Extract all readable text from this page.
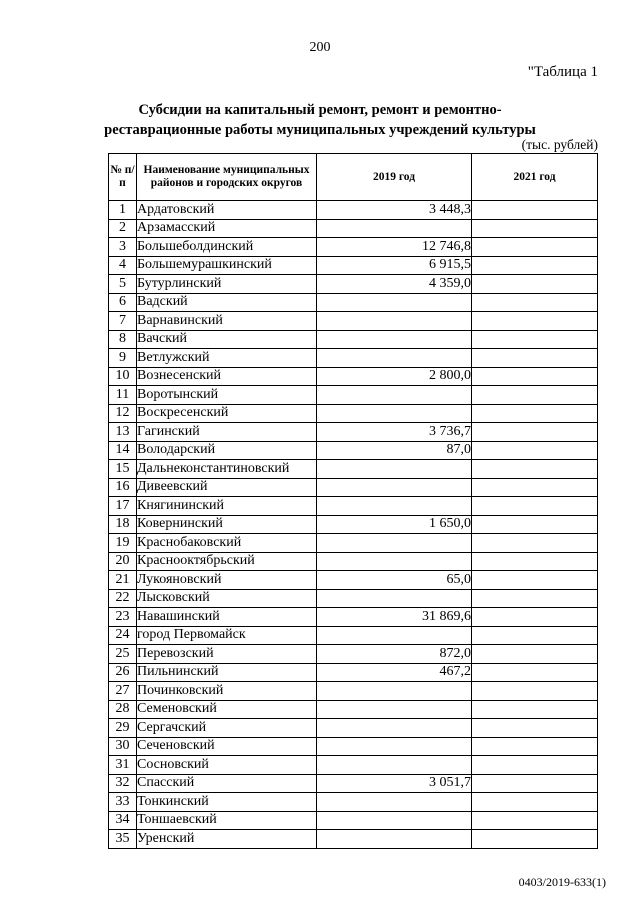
200
"Таблица 1
Субсидии на капитальный ремонт, ремонт и ремонтно-
реставрационные работы муниципальных учреждений культуры
(тыс. рублей)
№ п/п	Наименование муниципальных районов и городских округов	2019 год	2021 год
1	Ардатовский	3 448,3	
2	Арзамасский		
3	Большеболдинский	12 746,8	
4	Большемурашкинский	6 915,5	
5	Бутурлинский	4 359,0	
6	Вадский		
7	Варнавинский		
8	Вачский		
9	Ветлужский		
10	Вознесенский	2 800,0	
11	Воротынский		
12	Воскресенский		
13	Гагинский	3 736,7	
14	Володарский	87,0	
15	Дальнеконстантиновский		
16	Дивеевский		
17	Княгининский		
18	Ковернинский	1 650,0	
19	Краснобаковский		
20	Краснооктябрьский		
21	Лукояновский	65,0	
22	Лысковский		
23	Навашинский	31 869,6	
24	город Первомайск		
25	Перевозский	872,0	
26	Пильнинский	467,2	
27	Починковский		
28	Семеновский		
29	Сергачский		
30	Сеченовский		
31	Сосновский		
32	Спасский	3 051,7	
33	Тонкинский		
34	Тоншаевский		
35	Уренский		
0403/2019-633(1)
